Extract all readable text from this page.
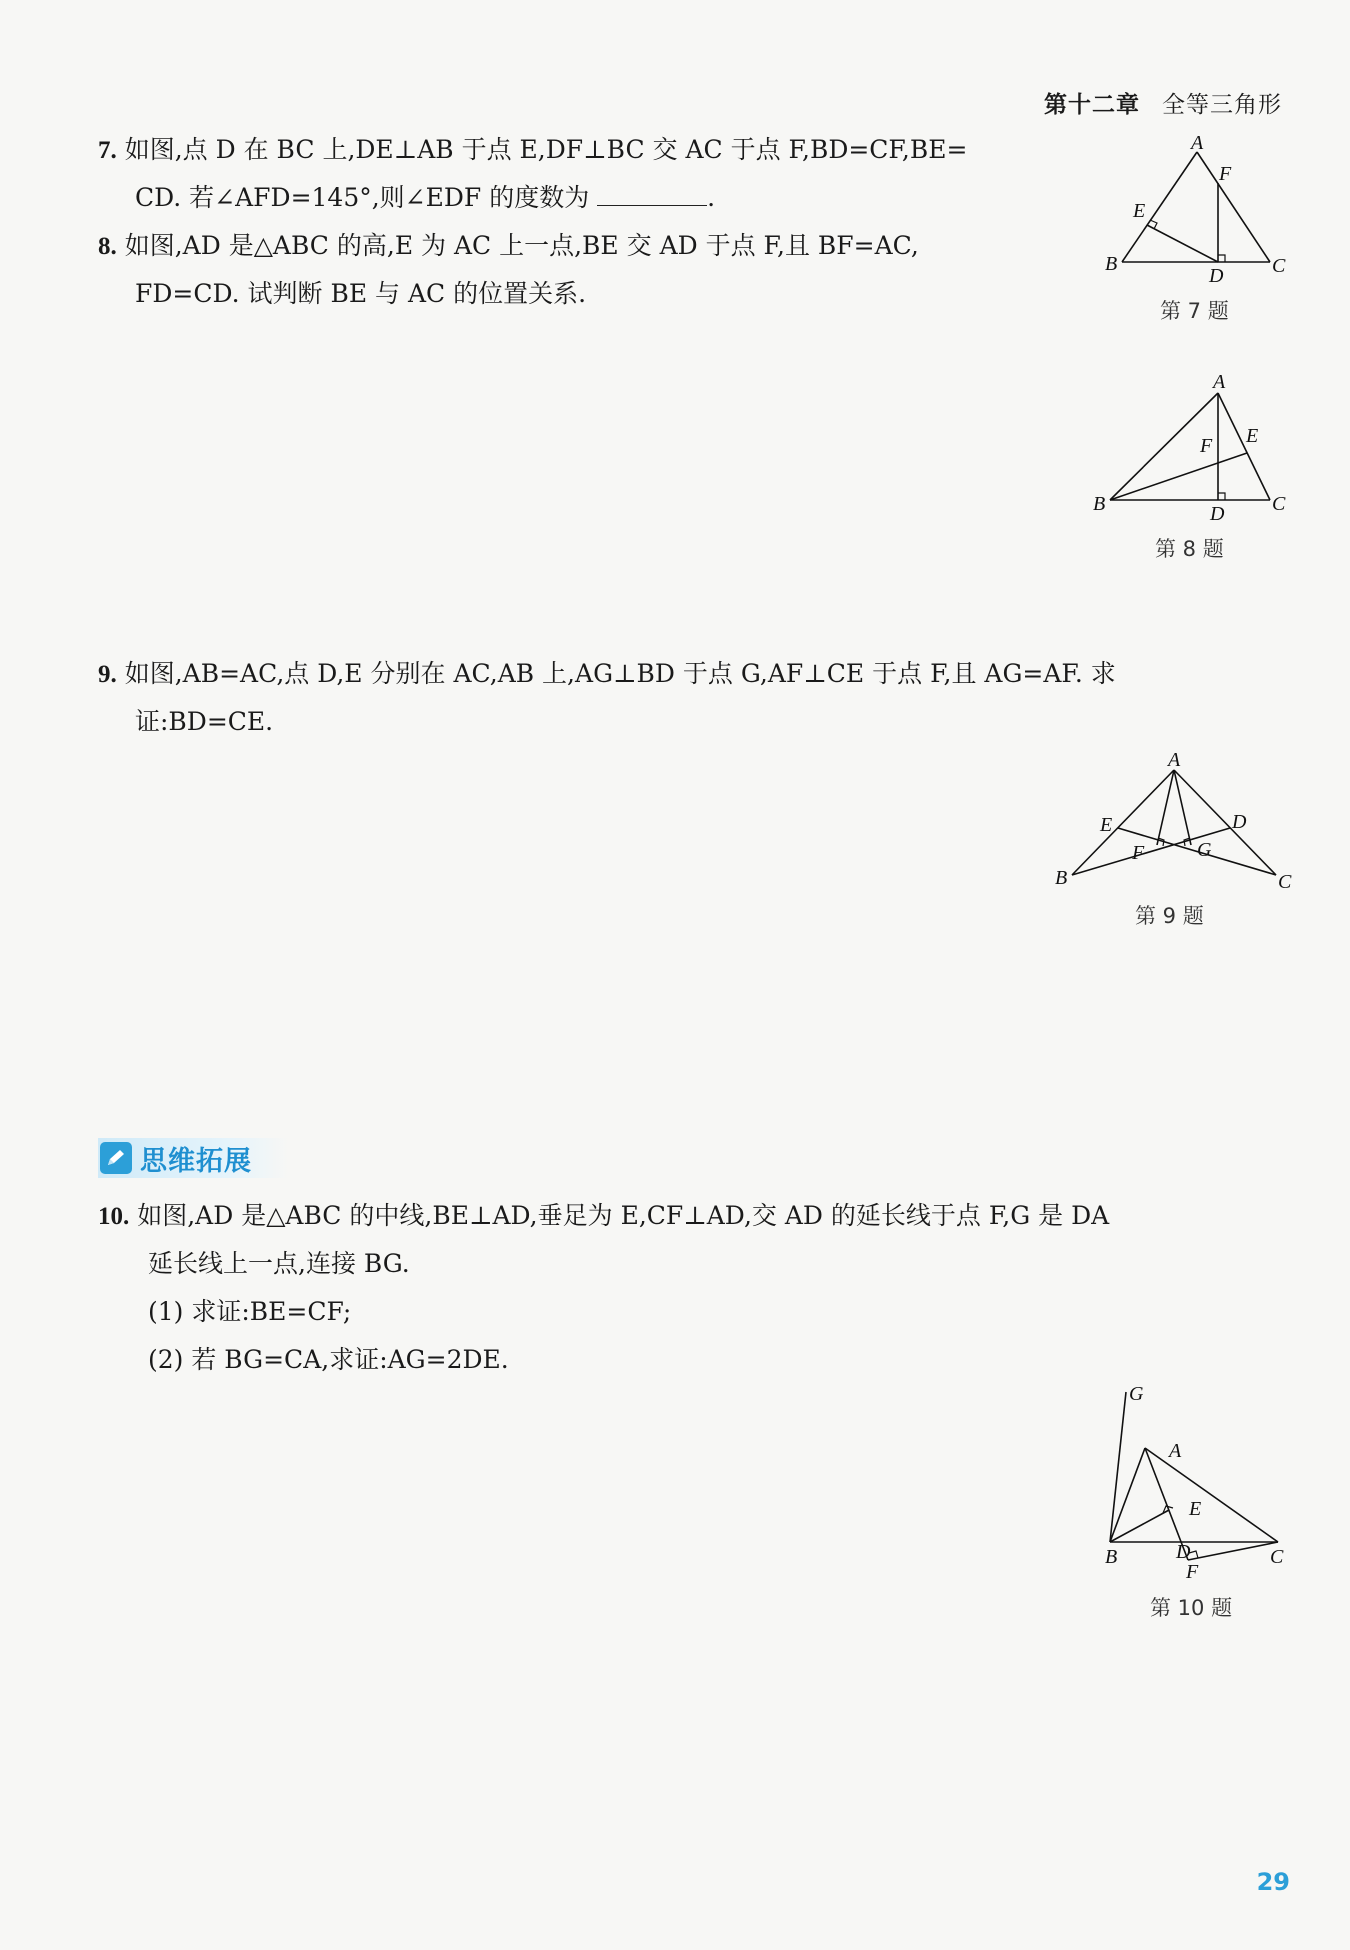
第十二章 全等三角形
7. 如图,点 D 在 BC 上,DE⊥AB 于点 E,DF⊥BC 交 AC 于点 F,BD=CF,BE=
CD. 若∠AFD=145°,则∠EDF 的度数为	.
A
F
E
B
D C
第 7 题
8. 如图,AD 是△ABC 的高,E 为 AC 上一点,BE 交 AD 于点 F,且 BF=AC,
FD=CD. 试判断 BE 与 AC 的位置关系.
A
E
F
B	D C
第 8 题
9. 如图,AB=AC,点 D,E 分别在 AC,AB 上,AG⊥BD 于点 G,AF⊥CE 于点 F,且 AG=AF. 求
证:BD=CE.
A
E	D
F	G
B	C
第 9 题
思维拓展
10. 如图,AD 是△ABC 的中线,BE⊥AD,垂足为 E,CF⊥AD,交 AD 的延长线于点 F,G 是 DA
延长线上一点,连接 BG.
(1) 求证:BE=CF;
(2) 若 BG=CA,求证:AG=2DE.
G
A
E
B	D
F
C
第 10 题
29
